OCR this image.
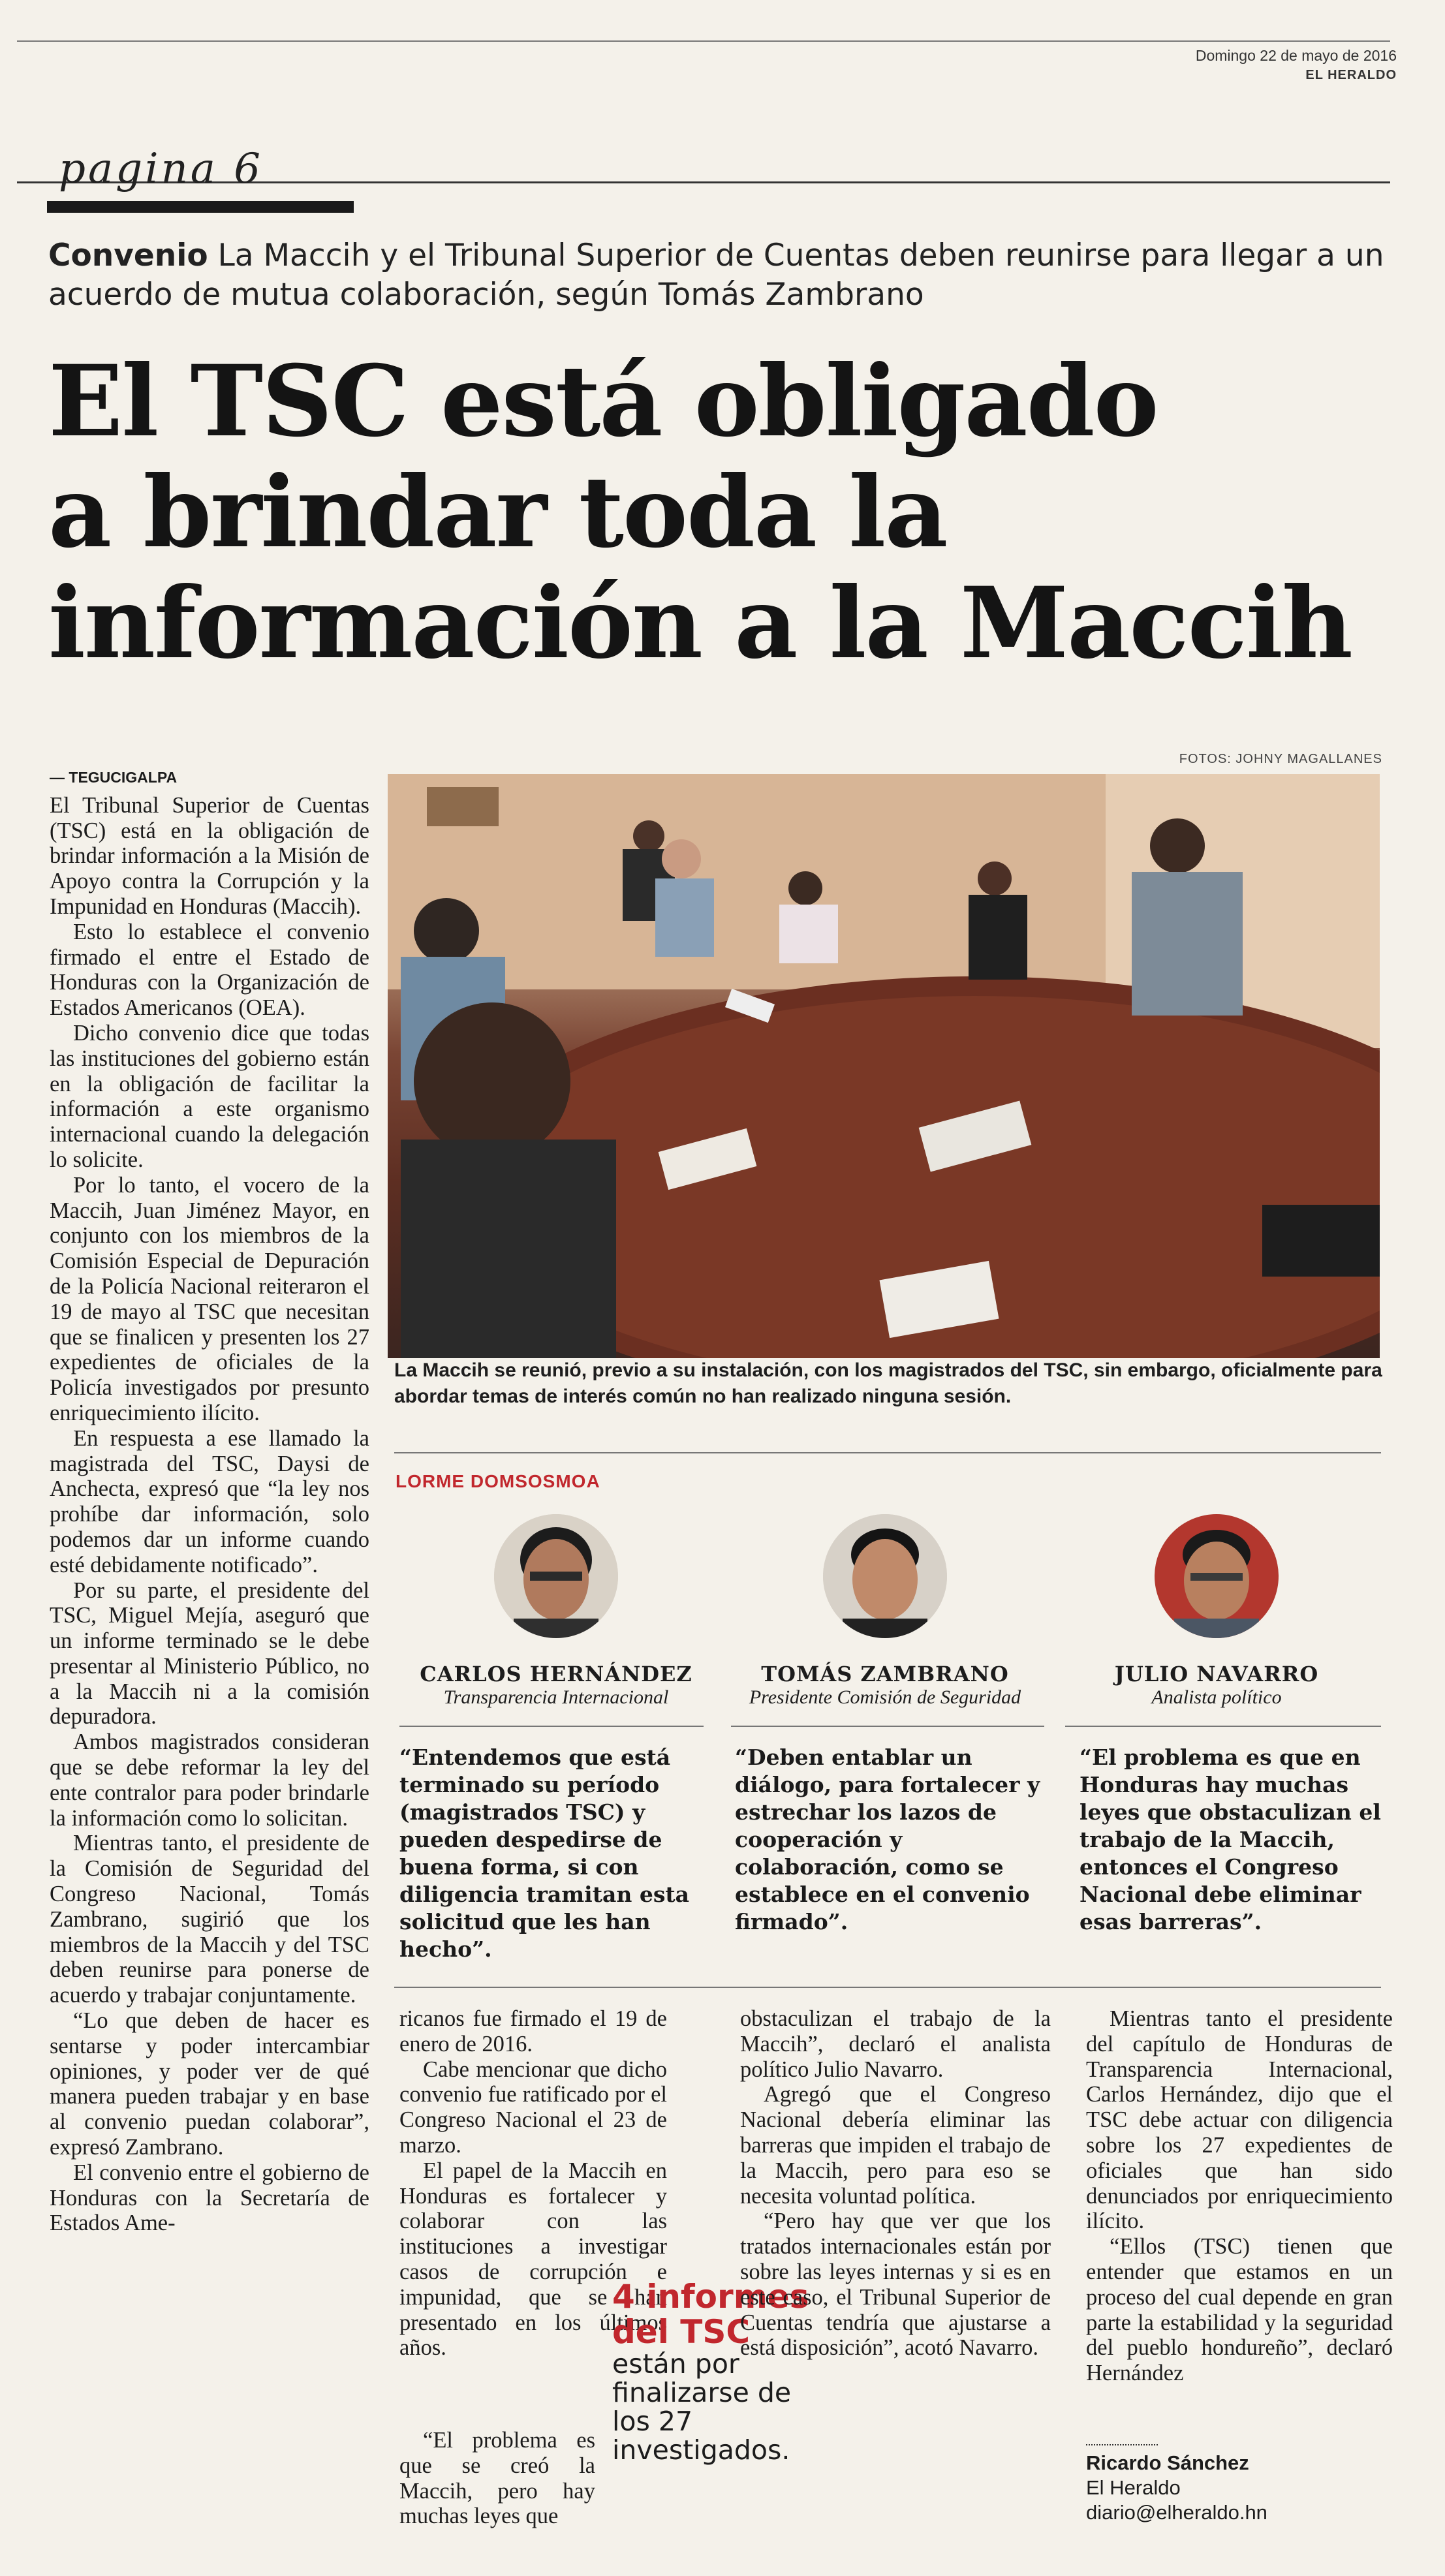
Domingo 22 de mayo de 2016
EL HERALDO
pagina 6
Convenio La Maccih y el Tribunal Superior de Cuentas deben reunirse para llegar a un acuerdo de mutua colaboración, según Tomás Zambrano
El TSC está obligado
a brindar toda la
información a la Maccih
FOTOS: JOHNY MAGALLANES
La Maccih se reunió, previo a su instalación, con los magistrados del TSC, sin embargo, oficialmente para abordar temas de interés común no han realizado ninguna sesión.
— TEGUCIGALPA

El Tribunal Superior de Cuentas (TSC) está en la obligación de brindar información a la Misión de Apoyo contra la Corrupción y la Impunidad en Honduras (Maccih).

Esto lo establece el convenio firmado el entre el Estado de Honduras con la Organización de Estados Americanos (OEA).

Dicho convenio dice que todas las instituciones del gobierno están en la obligación de facilitar la información a este organismo internacional cuando la delegación lo solicite.

Por lo tanto, el vocero de la Maccih, Juan Jiménez Mayor, en conjunto con los miembros de la Comisión Especial de Depuración de la Policía Nacional reiteraron el 19 de mayo al TSC que necesitan que se finalicen y presenten los 27 expedientes de oficiales de la Policía investigados por presunto enriquecimiento ilícito.

En respuesta a ese llamado la magistrada del TSC, Daysi de Anchecta, expresó que “la ley nos prohíbe dar información, solo podemos dar un informe cuando esté debidamente notificado”.

Por su parte, el presidente del TSC, Miguel Mejía, aseguró que un informe terminado se le debe presentar al Ministerio Público, no a la Maccih ni a la comisión depuradora.

Ambos magistrados consideran que se debe reformar la ley del ente contralor para poder brindarle la información como lo solicitan.

Mientras tanto, el presidente de la Comisión de Seguridad del Congreso Nacional, Tomás Zambrano, sugirió que los miembros de la Maccih y del TSC deben reunirse para ponerse de acuerdo y trabajar conjuntamente.

“Lo que deben de hacer es sentarse y poder intercambiar opiniones, y poder ver de qué manera pueden trabajar y en base al convenio puedan colaborar”, expresó Zambrano.

El convenio entre el gobierno de Honduras con la Secretaría de Estados Ame-

LORME DOMSOSMOA
CARLOS HERNÁNDEZ
Transparencia Internacional
TOMÁS ZAMBRANO
Presidente Comisión de Seguridad
JULIO NAVARRO
Analista político
“Entendemos que está terminado su período (magistrados TSC) y pueden despedirse de buena forma, si con diligencia tramitan esta solicitud que les han hecho”.
“Deben entablar un diálogo, para fortalecer y estrechar los lazos de cooperación y colaboración, como se establece en el convenio firmado”.
“El problema es que en Honduras hay muchas leyes que obstaculizan el trabajo de la Maccih, entonces el Congreso Nacional debe eliminar esas barreras”.

ricanos fue firmado el 19 de enero de 2016.

Cabe mencionar que dicho convenio fue ratificado por el Congreso Nacional el 23 de marzo.

El papel de la Maccih en Honduras es fortalecer y colaborar con las instituciones a investigar casos de corrupción e impunidad, que se han presentado en los últimos años.

“El problema es que se creó la Maccih, pero hay muchas leyes que

4 informes del TSC
están por finalizarse de los 27 investigados.

obstaculizan el trabajo de la Maccih”, declaró el analista político Julio Navarro.

Agregó que el Congreso Nacional debería eliminar las barreras que impiden el trabajo de la Maccih, pero para eso se necesita voluntad política.

“Pero hay que ver que los tratados internacionales están por sobre las leyes internas y si es en este caso, el Tribunal Superior de Cuentas tendría que ajustarse a está disposición”, acotó Navarro.

Mientras tanto el presidente del capítulo de Honduras de Transparencia Internacional, Carlos Hernández, dijo que el TSC debe actuar con diligencia sobre los 27 expedientes de oficiales que han sido denunciados por enriquecimiento ilícito.

“Ellos (TSC) tienen que entender que estamos en un proceso del cual depende en gran parte la estabilidad y la seguridad del pueblo hondureño”, declaró Hernández

Ricardo Sánchez
El Heraldo
diario@elheraldo.hn
